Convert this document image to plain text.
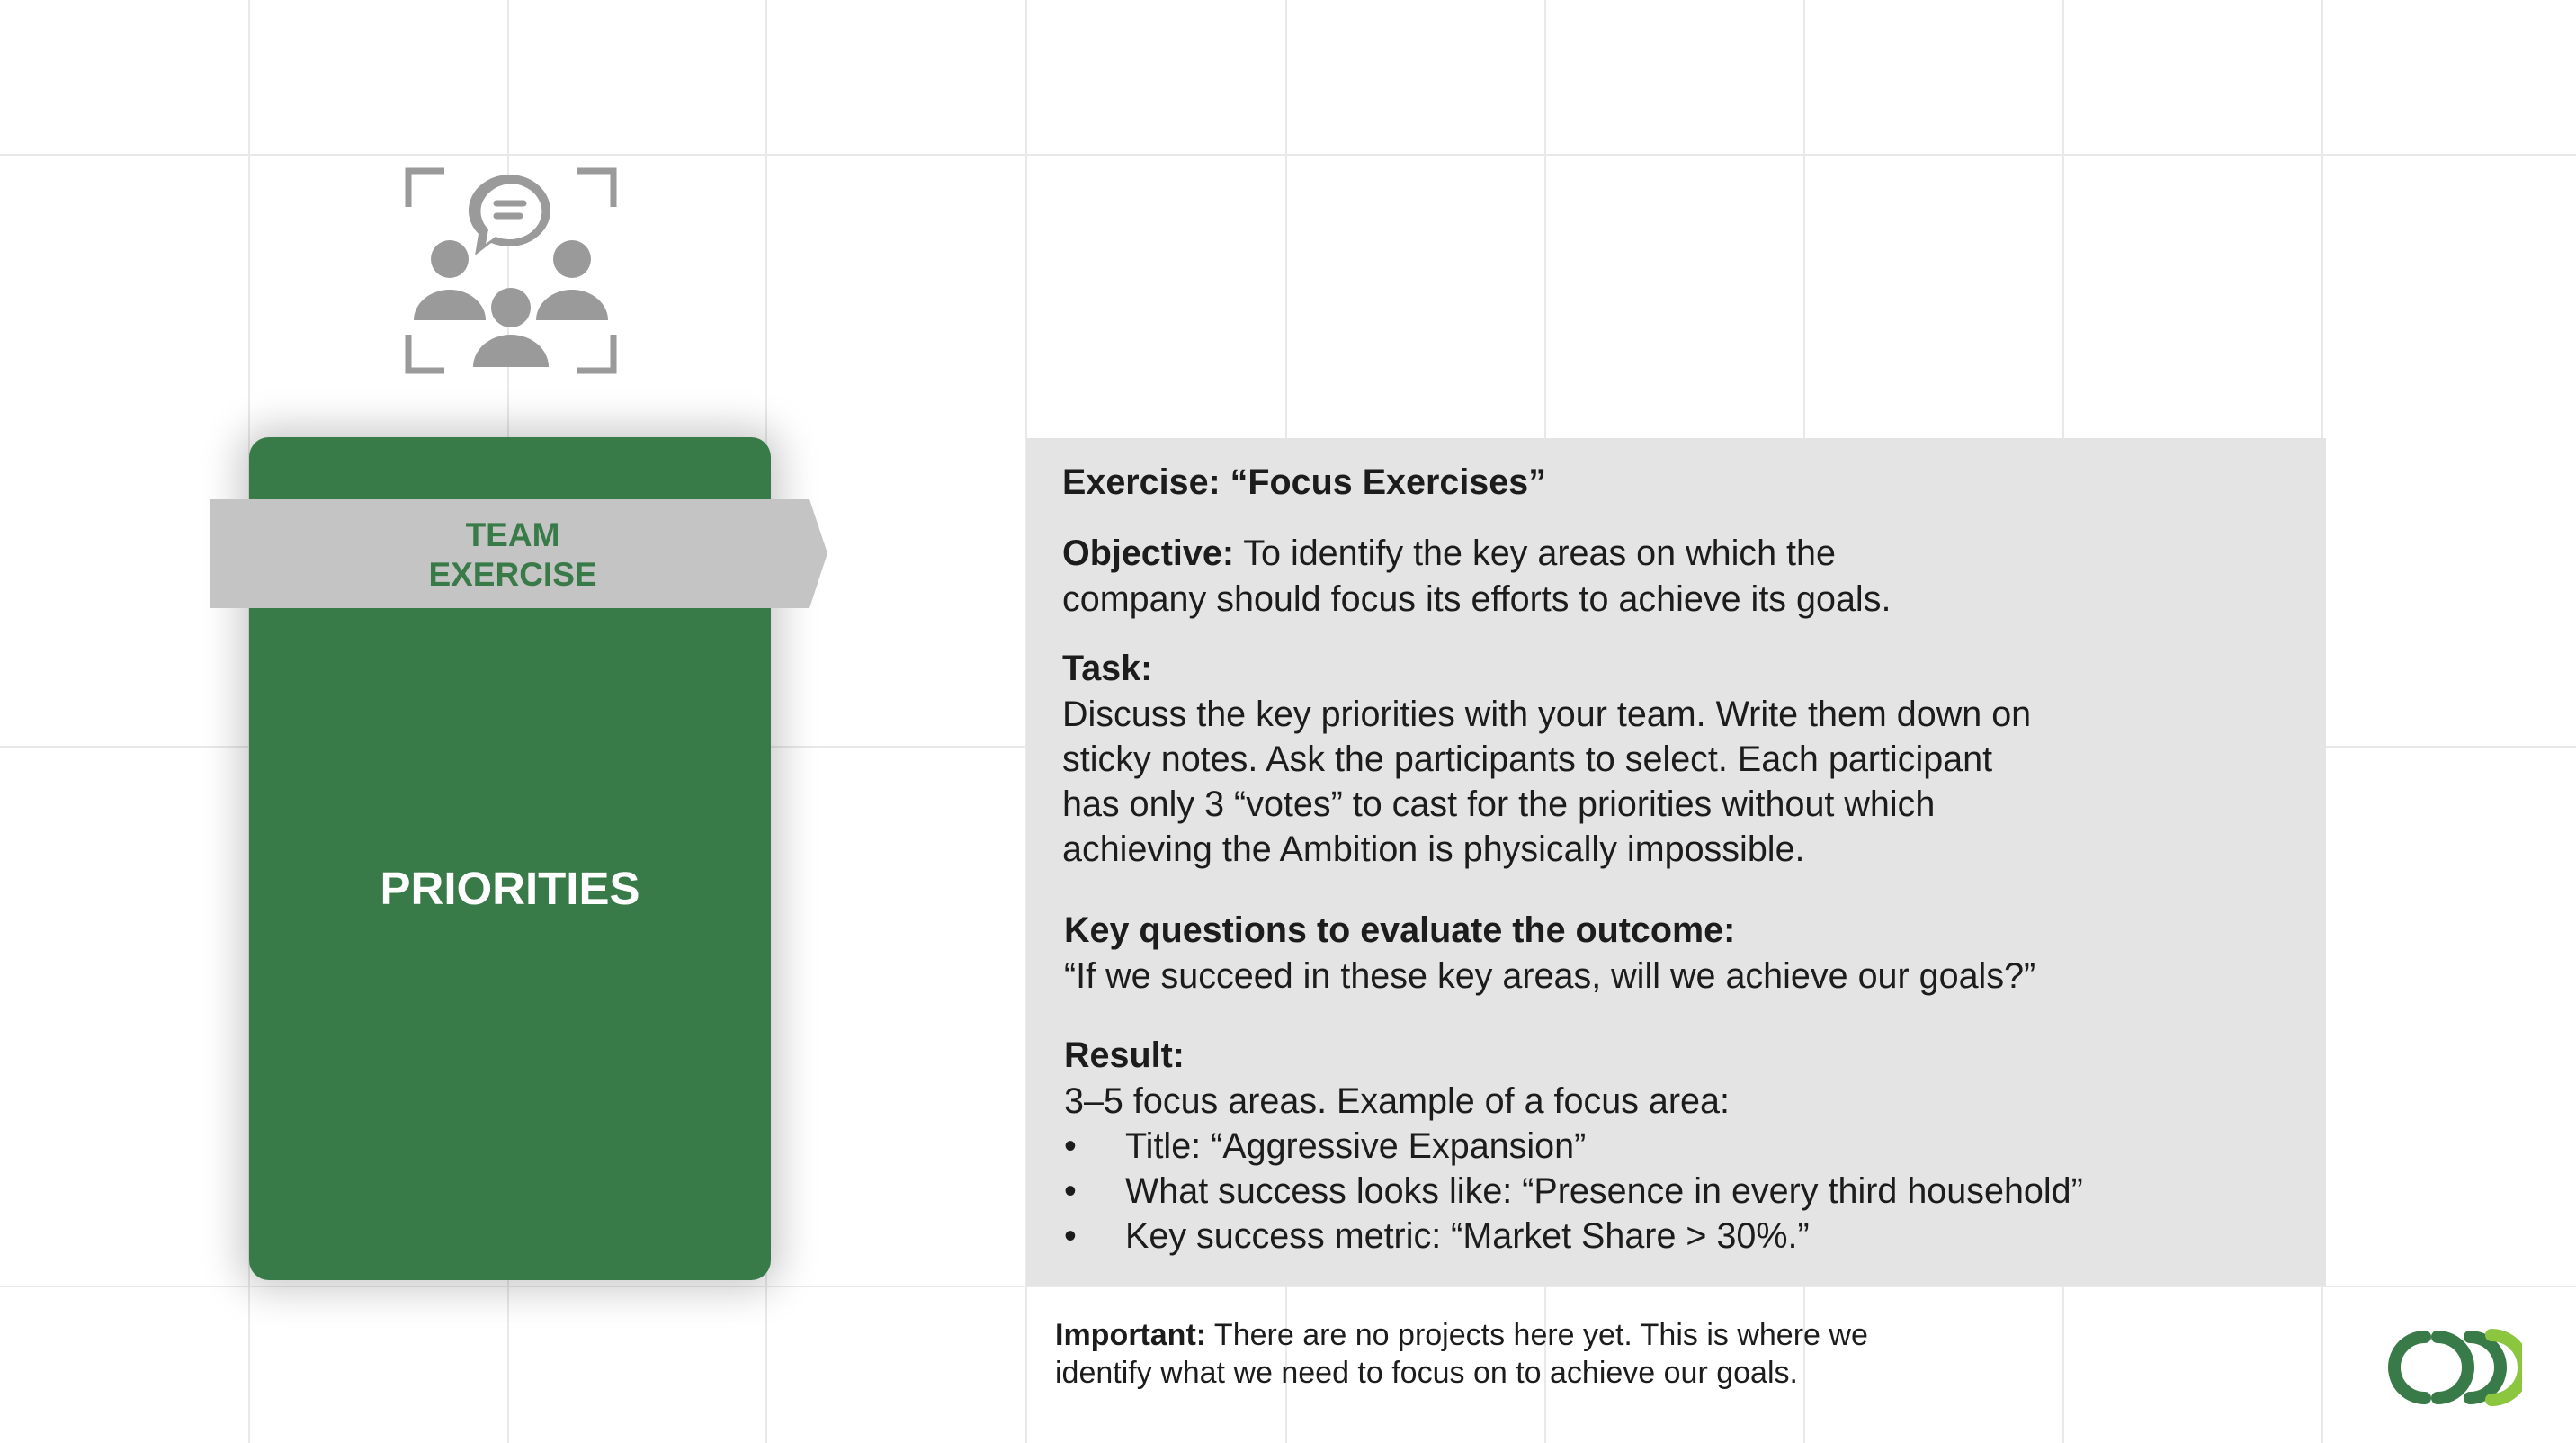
TEAM
EXERCISE
PRIORITIES

Exercise: “Focus Exercises”

Objective: To identify the key areas on which the

company should focus its efforts to achieve its goals.

Task:

Discuss the key priorities with your team. Write them down on

sticky notes. Ask the participants to select. Each participant

has only 3 “votes” to cast for the priorities without which

achieving the Ambition is physically impossible.

Key questions to evaluate the outcome:

“If we succeed in these key areas, will we achieve our goals?”

Result:

3–5 focus areas. Example of a focus area:

• Title: “Aggressive Expansion”

• What success looks like: “Presence in every third household”

• Key success metric: “Market Share > 30%.”

Important: There are no projects here yet. This is where we
identify what we need to focus on to achieve our goals.
